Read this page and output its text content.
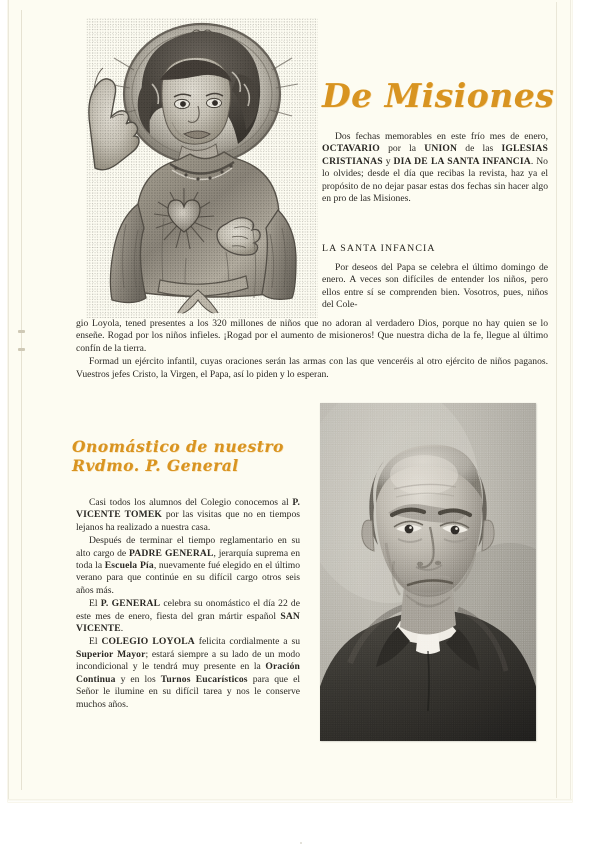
De Misiones

Dos fechas memorables en este frío mes de enero, OCTAVARIO por la UNION de las IGLESIAS CRISTIANAS y DIA DE LA SANTA INFANCIA. No lo olvides; desde el día que recibas la revista, haz ya el propósito de no dejar pasar estas dos fechas sin hacer algo en pro de las Misiones.

LA SANTA INFANCIA

Por deseos del Papa se celebra el último domingo de enero. A veces son difíciles de entender los niños, pero ellos entre sí se comprenden bien. Vosotros, pues, niños del Cole-

gio Loyola, tened presentes a los 320 millones de niños que no adoran al verdadero Dios, porque no hay quien se lo enseñe. Rogad por los niños infieles. ¡Rogad por el aumento de misioneros! Que nuestra dicha de la fe, llegue al último confín de la tierra.

Formad un ejército infantil, cuyas oraciones serán las armas con las que venceréis al otro ejército de niños paganos. Vuestros jefes Cristo, la Virgen, el Papa, así lo piden y lo esperan.

Onomástico de nuestro
Rvdmo. P. General

Casi todos los alumnos del Colegio conocemos al P. VICENTE TOMEK por las visitas que no en tiempos lejanos ha realizado a nuestra casa.

Después de terminar el tiempo reglamentario en su alto cargo de PADRE GENERAL, jerarquía suprema en toda la Escuela Pía, nuevamente fué elegido en el último verano para que continúe en su difícil cargo otros seis años más.

El P. GENERAL celebra su onomástico el día 22 de este mes de enero, fiesta del gran mártir español SAN VICENTE.

El COLEGIO LOYOLA felicita cordialmente a su Superior Mayor; estará siempre a su lado de un modo incondicional y le tendrá muy presente en la Oración Continua y en los Turnos Eucarísticos para que el Señor le ilumine en su difícil tarea y nos le conserve muchos años.
